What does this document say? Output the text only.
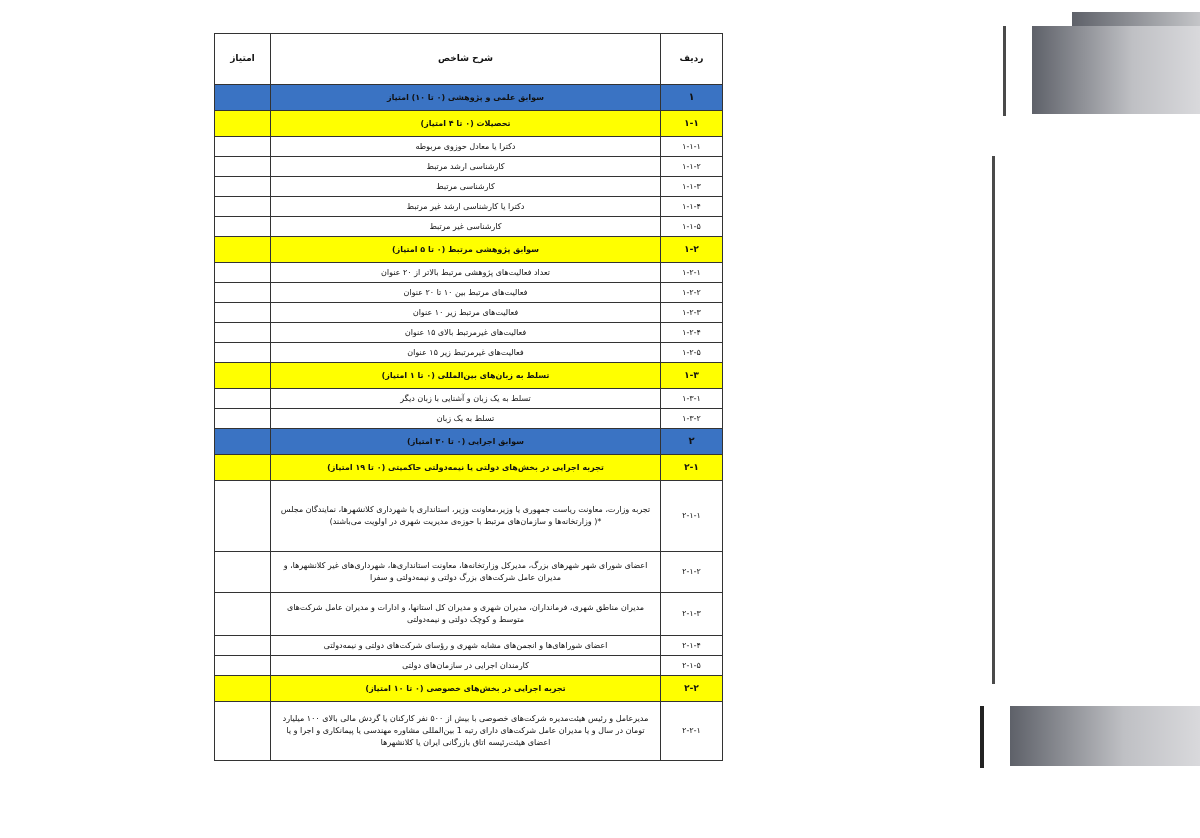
ردیف	شرح شاخص	امتیاز
۱	سوابق علمی و پژوهشی (۰ تا ۱۰) امتیاز	
۱-۱	تحصیلات (۰ تا ۴ امتیاز)	
۱-۱-۱	دکترا یا معادل حوزوی مربوطه	
۱-۱-۲	کارشناسی ارشد مرتبط	
۱-۱-۳	کارشناسی مرتبط	
۱-۱-۴	دکترا یا کارشناسی ارشد غیر مرتبط	
۱-۱-۵	کارشناسی غیر مرتبط	
۱-۲	سوابق پژوهشی مرتبط (۰ تا ۵ امتیاز)	
۱-۲-۱	تعداد فعالیت‌های پژوهشی مرتبط بالاتر از ۲۰ عنوان	
۱-۲-۲	فعالیت‌های مرتبط بین ۱۰ تا ۲۰ عنوان	
۱-۲-۳	فعالیت‌های مرتبط زیر ۱۰ عنوان	
۱-۲-۴	فعالیت‌های غیرمرتبط بالای ۱۵ عنوان	
۱-۲-۵	فعالیت‌های غیرمرتبط زیر ۱۵ عنوان	
۱-۳	تسلط به زبان‌های بین‌المللی (۰ تا ۱ امتیاز)	
۱-۳-۱	تسلط به یک زبان و آشنایی با زبان دیگر	
۱-۳-۲	تسلط به یک زبان	
۲	سوابق اجرایی (۰ تا ۳۰ امتیاز)	
۲-۱	تجربه اجرایی در بخش‌های دولتی یا نیمه‌دولتی حاکمیتی (۰ تا ۱۹ امتیاز)	
۲-۱-۱	تجربه وزارت، معاونت ریاست جمهوری یا وزیر،معاونت وزیر، استانداری یا شهرداری کلانشهرها، نمایندگان مجلس
*( وزارتخانه‌ها و سازمان‌های مرتبط با حوزه‌ی مدیریت شهری در اولویت می‌باشند)	

۲-۱-۲	اعضای شورای شهر شهرهای بزرگ، مدیرکل وزارتخانه‌ها، معاونت استانداری‌ها، شهرداری‌های غیر کلانشهرها، و مدیران عامل شرکت‌های بزرگ دولتی و نیمه‌دولتی و سفرا	
۲-۱-۳	مدیران مناطق شهری، فرمانداران، مدیران شهری و مدیران کل استانها، و ادارات و مدیران عامل شرکت‌های متوسط و کوچک دولتی و نیمه‌دولتی	
۲-۱-۴	اعضای شوراهای‌ها و انجمن‌های مشابه شهری و رؤسای شرکت‌های دولتی و نیمه‌دولتی	
۲-۱-۵	کارمندان اجرایی در سازمان‌های دولتی	
۲-۲	تجربه اجرایی در بخش‌های خصوصی (۰ تا ۱۰ امتیاز)	
۲-۲-۱	مدیرعامل و رئیس هیئت‌مدیره شرکت‌های خصوصی با بیش از ۵۰۰ نفر کارکنان یا گردش مالی بالای ۱۰۰ میلیارد تومان در سال و یا مدیران عامل شرکت‌های دارای رتبه 1 بین‌المللی مشاوره مهندسی یا پیمانکاری و اجرا و یا اعضای هیئت‌رئیسه اتاق بازرگانی ایران یا کلانشهرها	
